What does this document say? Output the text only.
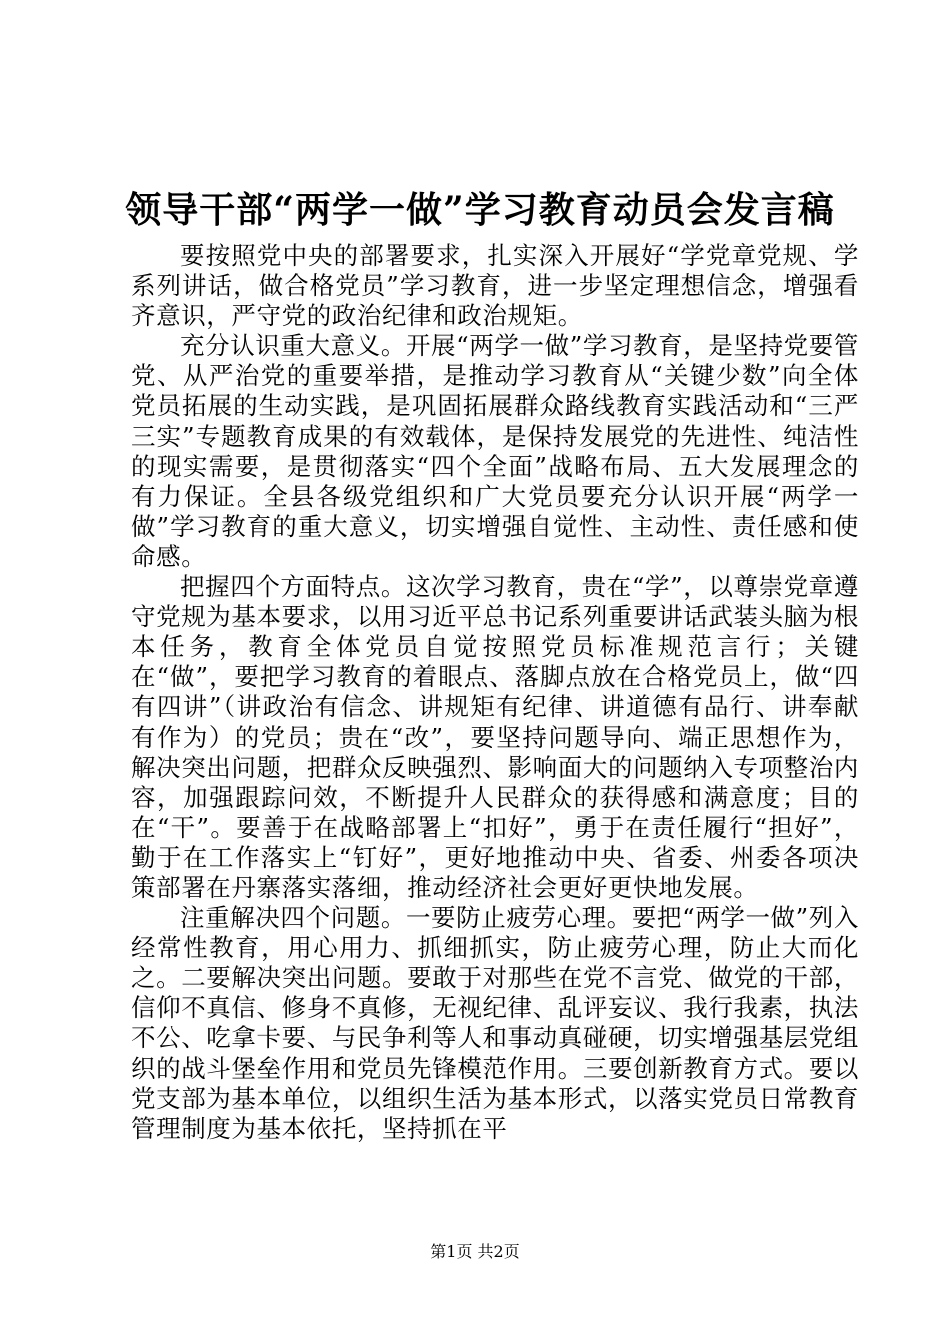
领导干部“两学一做”学习教育动员会发言稿

要按照党中央的部署要求，扎实深入开展好“学党章党规、学系列讲话，做合格党员”学习教育，进一步坚定理想信念，增强看齐意识，严守党的政治纪律和政治规矩。

充分认识重大意义。开展“两学一做”学习教育，是坚持党要管党、从严治党的重要举措，是推动学习教育从“关键少数”向全体党员拓展的生动实践，是巩固拓展群众路线教育实践活动和“三严三实”专题教育成果的有效载体，是保持发展党的先进性、纯洁性的现实需要，是贯彻落实“四个全面”战略布局、五大发展理念的有力保证。全县各级党组织和广大党员要充分认识开展“两学一做”学习教育的重大意义，切实增强自觉性、主动性、责任感和使命感。

把握四个方面特点。这次学习教育，贵在“学”，以尊崇党章遵守党规为基本要求，以用习近平总书记系列重要讲话武装头脑为根本任务，教育全体党员自觉按照党员标准规范言行；关键在“做”，要把学习教育的着眼点、落脚点放在合格党员上，做“四有四讲”（讲政治有信念、讲规矩有纪律、讲道德有品行、讲奉献有作为）的党员；贵在“改”，要坚持问题导向、端正思想作为，解决突出问题，把群众反映强烈、影响面大的问题纳入专项整治内容，加强跟踪问效，不断提升人民群众的获得感和满意度；目的在“干”。要善于在战略部署上“扣好”，勇于在责任履行“担好”，勤于在工作落实上“钉好”，更好地推动中央、省委、州委各项决策部署在丹寨落实落细，推动经济社会更好更快地发展。

注重解决四个问题。一要防止疲劳心理。要把“两学一做”列入经常性教育，用心用力、抓细抓实，防止疲劳心理，防止大而化之。二要解决突出问题。要敢于对那些在党不言党、做党的干部，信仰不真信、修身不真修，无视纪律、乱评妄议、我行我素，执法不公、吃拿卡要、与民争利等人和事动真碰硬，切实增强基层党组织的战斗堡垒作用和党员先锋模范作用。三要创新教育方式。要以党支部为基本单位，以组织生活为基本形式，以落实党员日常教育管理制度为基本依托，坚持抓在平

第1页 共2页
